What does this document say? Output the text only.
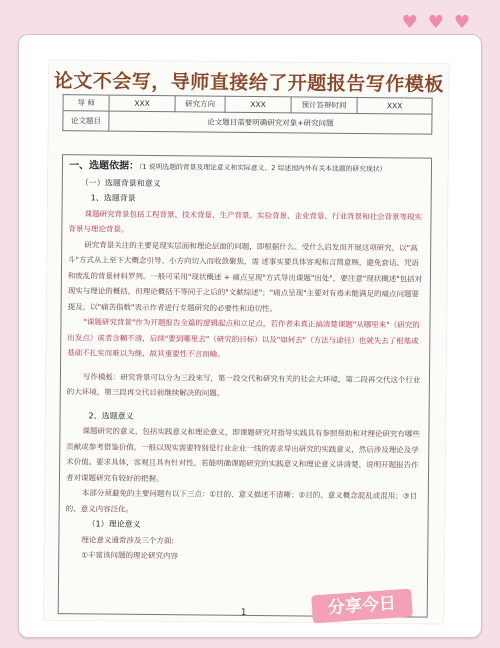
♥ ♥ ♥
论文不会写，导师直接给了开题报告写作模板
导 师	XXX	研究方向	XXX	预计答辩时间	XXX
论文题目	论文题目需要明确研究对象+研究问题				
一、选题依据：（1 说明选题的背景及理论意义和实际意义、2 综述国内外有关本选题的研究现状）
（一）选题背景和意义
1、选题背景
课题研究背景包括工程背景、技术背景、生产背景、实验背景、企业背景、行业背景和社会背景等现实背景与理论背景。
研究背景关注的主要是现实层面和理论层面的问题，即根据什么、受什么启发而开展这项研究，以"高斗"方式从上至下大概念引导、小方向切入而收敛聚焦，需 述事实要具体客观和言简意赅，避免套话、咒语和废乱的背景材料罗列。一般可采用"现状概述 + 痛点呈现"方式导出课题"出处"，要注意"现状概述"包括对现实与理论的概括，但理论概括不等同于之后的"文献综述"；"痛点呈现"主要对有毒未能满足的痛点问题要提及，以"痛苦指数"表示作者进行专题研究的必要性和迫切性。
"课题研究背景"作为开题报告全篇的逻辑起点和立足点，若作者未真正搞清楚课题"从哪里来"（研究的出发点）或者含糊不清，后续"要到哪里去"（研究的目标）以及"如何去"（方法与途径）也就失去了根基或基础不扎实而难以为继，故其重要性不言而喻。
写作模板：研究背景可以分为三段来写，第一段交代和研究有关的社会大环境，第二段再交代这个行业的大环境，第三段再交代目前继续解决的问题。
2、选题意义
课题研究的意义，包括实践意义和理论意义，即课题研究对指导实践具有参照帮助和对理论研究有哪些贡献或参考借鉴价值。一般以现实需要特别是行业企业一线的需求导出研究的实践意义，然后涉及理论及学术价值。要求具体，客观且具有针对性，若能明确课题研究的实践意义和理论意义讲清楚，说明开题报告作者对课题研究有较好的把握。
本部分须避免的主要问题有以下三点：①目的、意义描述不清晰；②目的、意义概念混乱或混用；③目的、意义内容泛化。
（1）理论意义
理论意义通常涉及三个方面:
①丰富该问题的理论研究内容
1	分享今日
